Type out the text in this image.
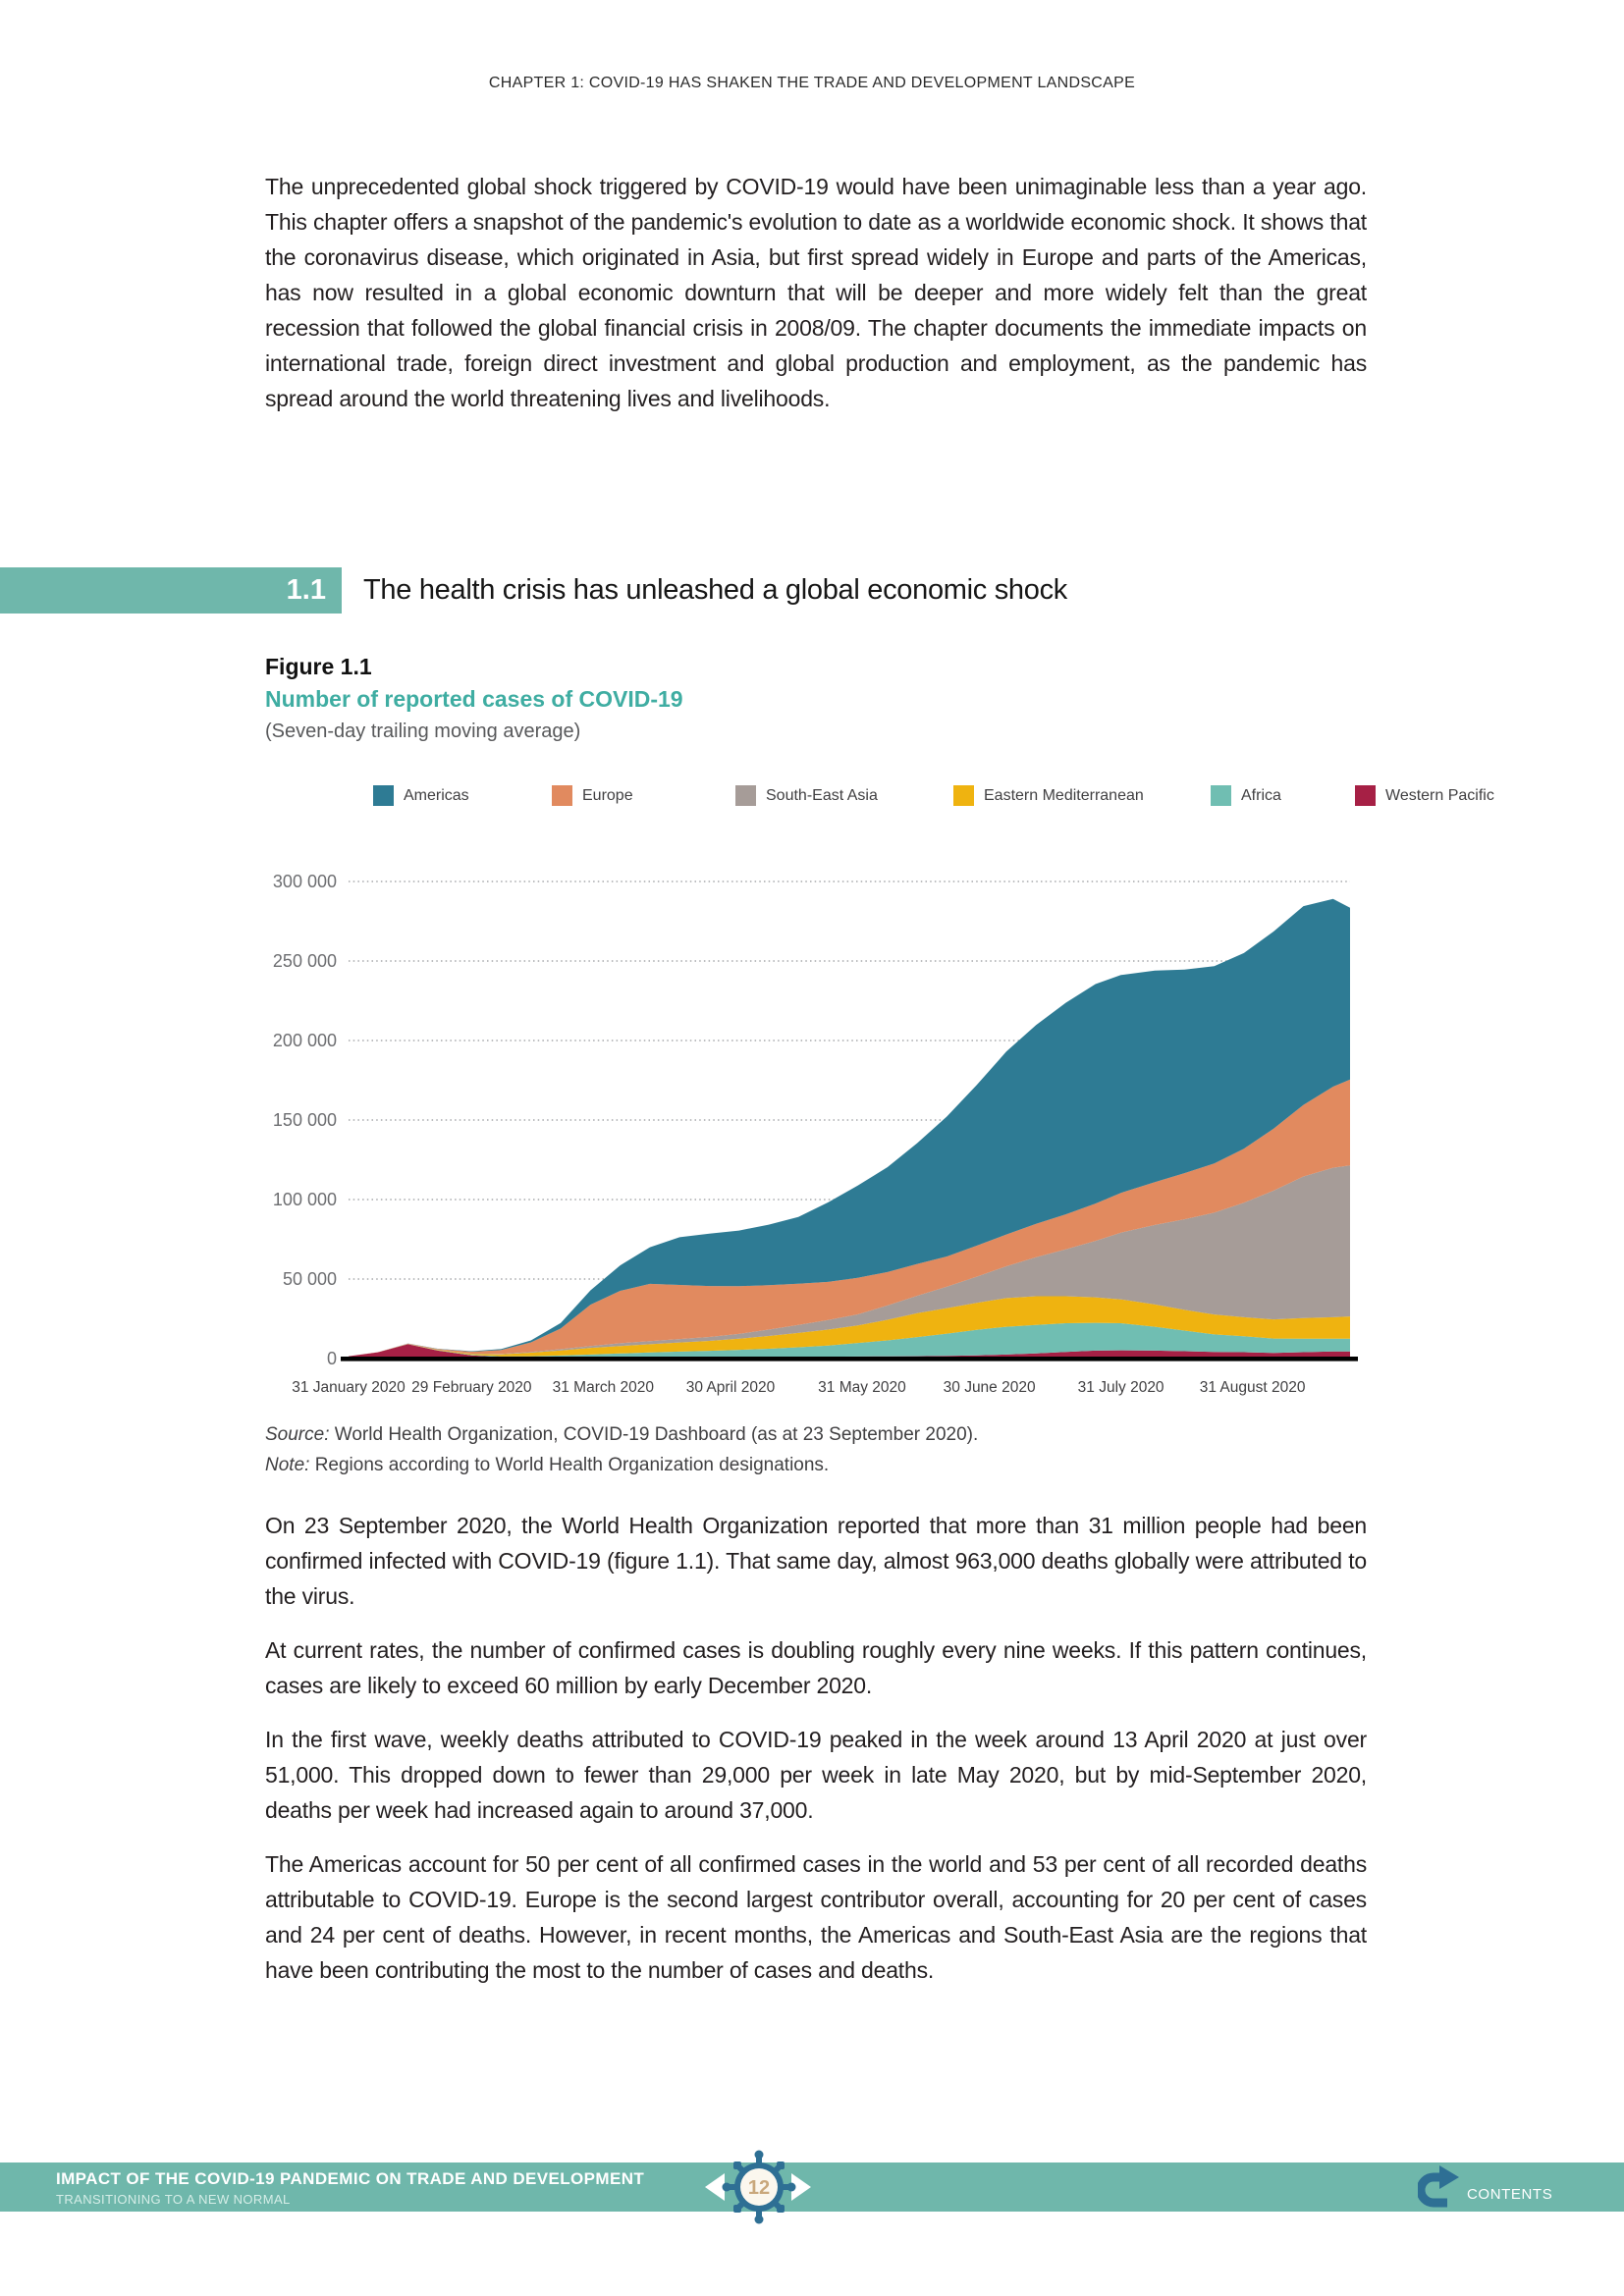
CHAPTER 1: COVID-19 HAS SHAKEN THE TRADE AND DEVELOPMENT LANDSCAPE

The unprecedented global shock triggered by COVID-19 would have been unimaginable less than a year ago. This chapter offers a snapshot of the pandemic's evolution to date as a worldwide economic shock. It shows that the coronavirus disease, which originated in Asia, but first spread widely in Europe and parts of the Americas, has now resulted in a global economic downturn that will be deeper and more widely felt than the great recession that followed the global financial crisis in 2008/09. The chapter documents the immediate impacts on international trade, foreign direct investment and global production and employment, as the pandemic has spread around the world threatening lives and livelihoods.

1.1	The health crisis has unleashed a global economic shock
Figure 1.1
Number of reported cases of COVID-19
(Seven-day trailing moving average)
Americas	Europe	South-East Asia	Eastern Mediterranean	Africa	Western Pacific
0
50 000
100 000
150 000
200 000
250 000
300 000
31 January 2020 29 February 2020 31 March 2020 30 April 2020	31 May 2020 30 June 2020	31 July 2020 31 August 2020
Source: World Health Organization, COVID-19 Dashboard (as at 23 September 2020).
Note: Regions according to World Health Organization designations.

On 23 September 2020, the World Health Organization reported that more than 31 million people had been confirmed infected with COVID-19 (figure 1.1). That same day, almost 963,000 deaths globally were attributed to the virus.

At current rates, the number of confirmed cases is doubling roughly every nine weeks. If this pattern continues, cases are likely to exceed 60 million by early December 2020.

In the first wave, weekly deaths attributed to COVID-19 peaked in the week around 13 April 2020 at just over 51,000. This dropped down to fewer than 29,000 per week in late May 2020, but by mid-September 2020, deaths per week had increased again to around 37,000.

The Americas account for 50 per cent of all confirmed cases in the world and 53 per cent of all recorded deaths attributable to COVID-19. Europe is the second largest contributor overall, accounting for 20 per cent of cases and 24 per cent of deaths. However, in recent months, the Americas and South-East Asia are the regions that have been contributing the most to the number of cases and deaths.

IMPACT OF THE COVID-19 PANDEMIC ON TRADE AND DEVELOPMENT
TRANSITIONING TO A NEW NORMAL
12	CONTENTS
